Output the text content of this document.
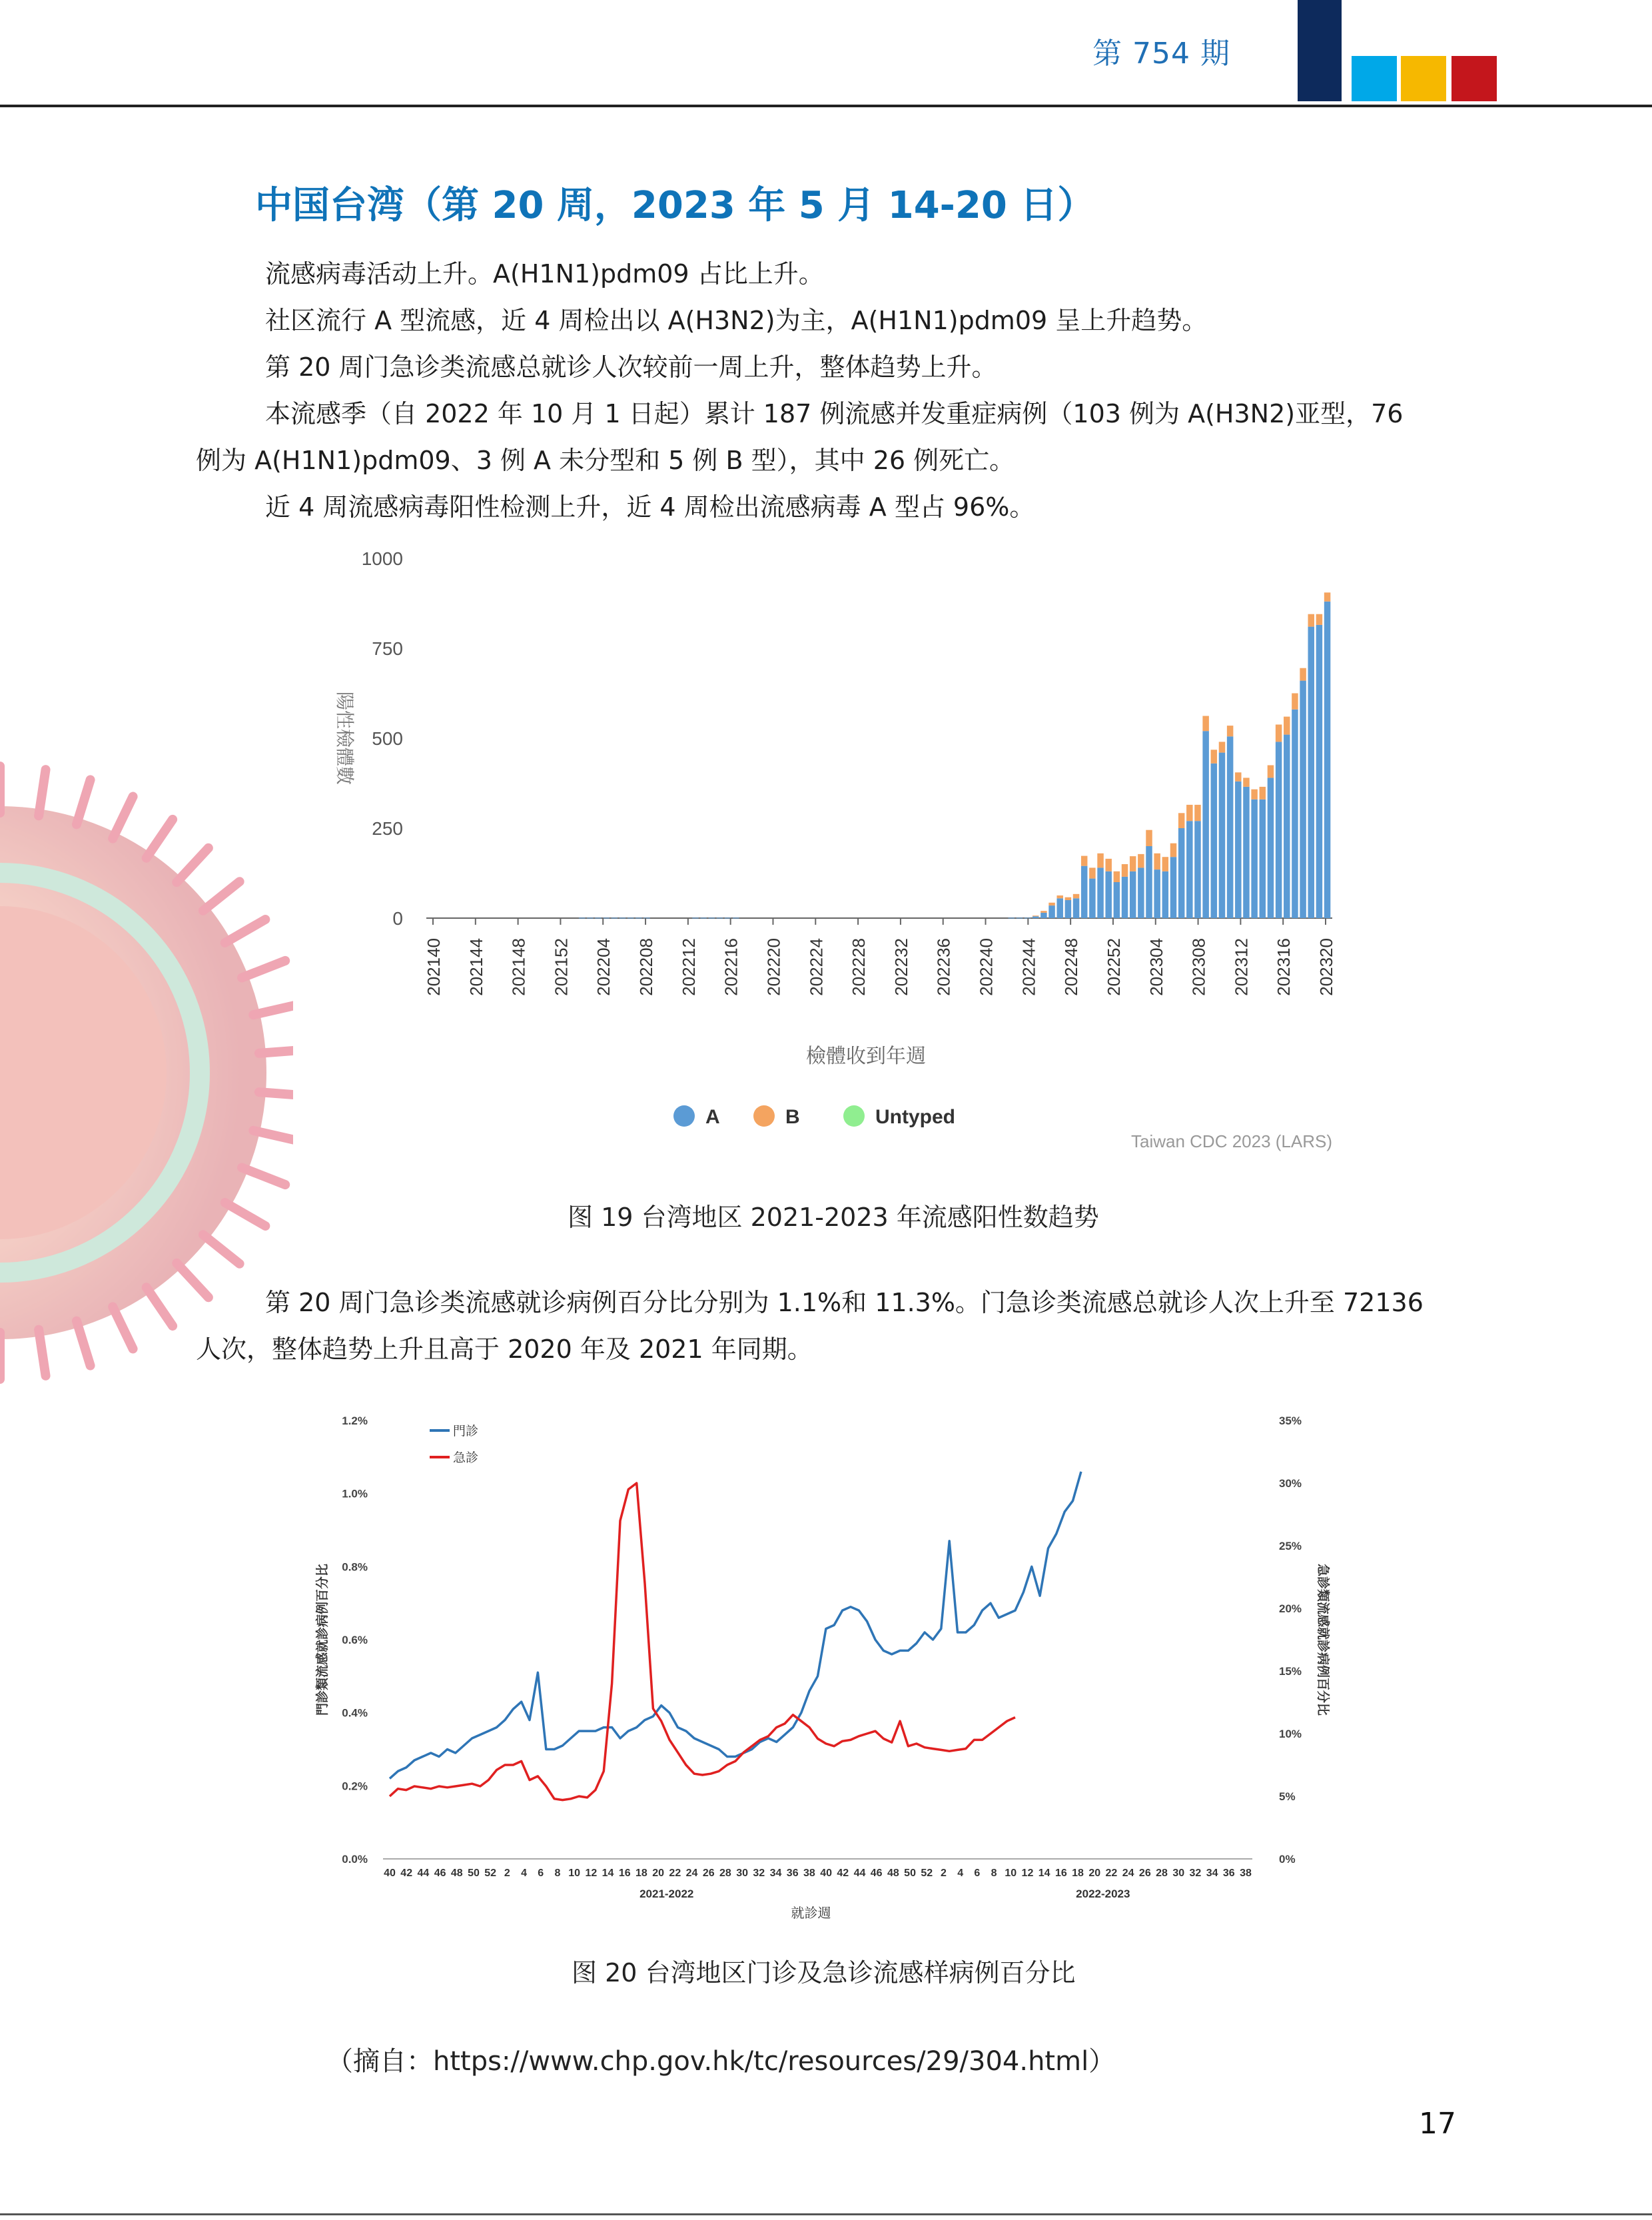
第 754 期
中国台湾（第 20 周，2023 年 5 月 14-20 日）
流感病毒活动上升。A(H1N1)pdm09 占比上升。
社区流行 A 型流感，近 4 周检出以 A(H3N2)为主，A(H1N1)pdm09 呈上升趋势。
第 20 周门急诊类流感总就诊人次较前一周上升，整体趋势上升。
本流感季（自 2022 年 10 月 1 日起）累计 187 例流感并发重症病例（103 例为 A(H3N2)亚型，76
例为 A(H1N1)pdm09、3 例 A 未分型和 5 例 B 型），其中 26 例死亡。
近 4 周流感病毒阳性检测上升，近 4 周检出流感病毒 A 型占 96%。
0
250
500
750
1000
202140 202144 202148 202152 202204 202208 202212 202216 202220 202224 202228 202232 202236 202240 202244 202248 202252 202304 202308 202312 202316 202320
陽性檢體數
檢體收到年週
A	B	Untyped
Taiwan CDC 2023 (LARS)
图 19 台湾地区 2021-2023 年流感阳性数趋势
第 20 周门急诊类流感就诊病例百分比分别为 1.1%和 11.3%。门急诊类流感总就诊人次上升至 72136
人次，整体趋势上升且高于 2020 年及 2021 年同期。
0.0%
0.2%
0.4%
0.6%
0.8%
1.0%
1.2%
0%
5%
10%
15%
20%
25%
30%
35%
40 42 44 46 48 50 52 2 4 6 8 10 12 14 16 18 20 22 24 26 28 30 32 34 36 38 40 42 44 46 48 50 52 2 4 6 8 10 12 14 16 18 20 22 24 26 28 30 32 34 36 38
2021-2022	2022-2023
就診週
門診類流感就診病例百分比	急診類流感就診病例百分比
門診
急診
图 20 台湾地区门诊及急诊流感样病例百分比
（摘自：https://www.chp.gov.hk/tc/resources/29/304.html）
17
